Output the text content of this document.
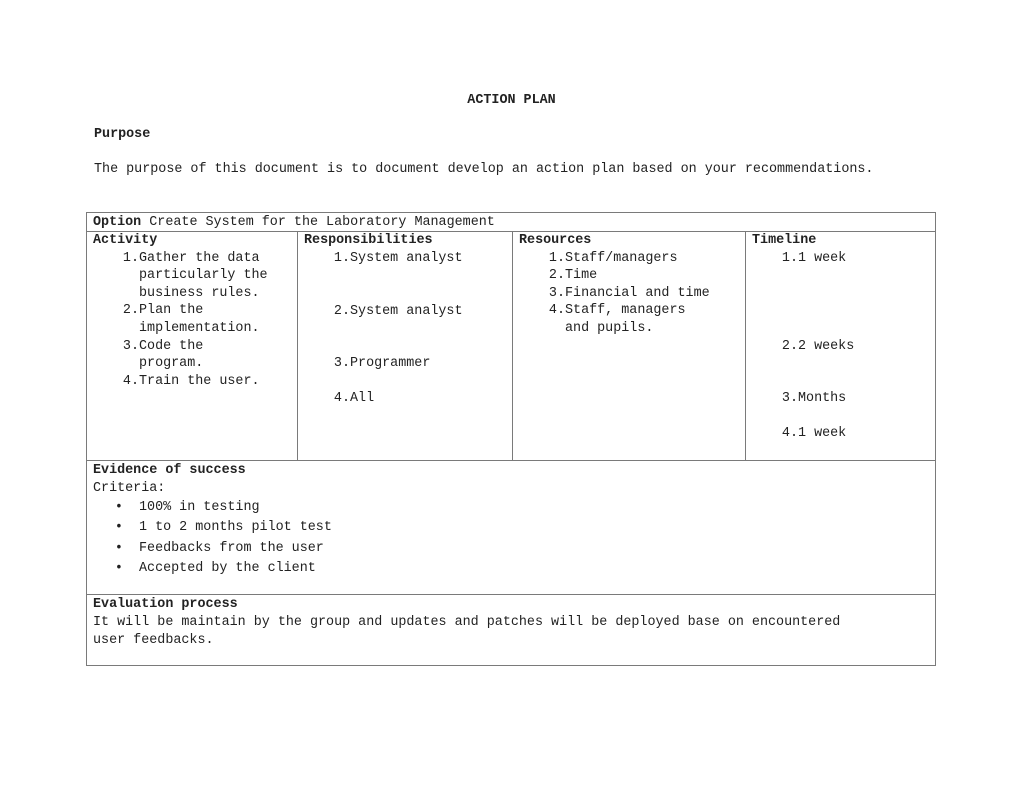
ACTION PLAN
Purpose
The purpose of this document is to document develop an action plan based on your recommendations.
Option Create System for the Laboratory Management
Activity
1. Gather the data particularly the business rules.
2. Plan the implementation.
3. Code the program.
4. Train the user.
Responsibilities
1. System analyst
2. System analyst
3. Programmer
4. All
Resources
1. Staff/managers
2. Time
3. Financial and time
4. Staff, managers and pupils.
Timeline
1. 1 week
2. 2 weeks
3. Months
4. 1 week
Evidence of success
Criteria:
• 100% in testing
• 1 to 2 months pilot test
• Feedbacks from the user
• Accepted by the client
Evaluation process
It will be maintain by the group and updates and patches will be deployed base on encountered user feedbacks.
